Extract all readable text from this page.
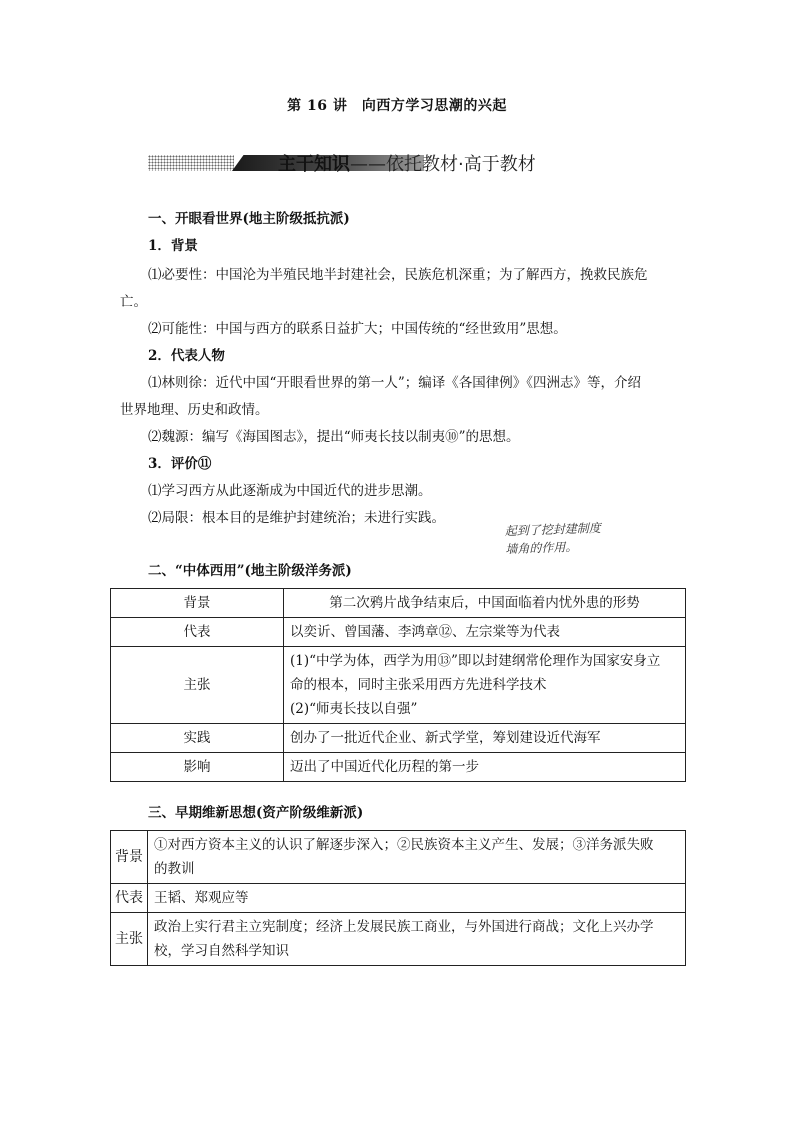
第 16 讲　向西方学习思潮的兴起
主干知识——依托教材·高于教材
一、开眼看世界(地主阶级抵抗派)
1．背景
⑴必要性：中国沦为半殖民地半封建社会，民族危机深重；为了解西方，挽救民族危
亡。
⑵可能性：中国与西方的联系日益扩大；中国传统的“经世致用”思想。
2．代表人物
⑴林则徐：近代中国“开眼看世界的第一人”；编译《各国律例》《四洲志》等，介绍
世界地理、历史和政情。
⑵魏源：编写《海国图志》，提出“师夷长技以制夷⑩”的思想。
3．评价⑪
⑴学习西方从此逐渐成为中国近代的进步思潮。
⑵局限：根本目的是维护封建统治；未进行实践。
起到了挖封建制度
墙角的作用。
二、“中体西用”(地主阶级洋务派)
背景	第二次鸦片战争结束后，中国面临着内忧外患的形势
代表	以奕䜣、曾国藩、李鸿章⑫、左宗棠等为代表
主张	(1)“中学为体，西学为用⑬”即以封建纲常伦理作为国家安身立
命的根本，同时主张采用西方先进科学技术
(2)“师夷长技以自强”

实践	创办了一批近代企业、新式学堂，筹划建设近代海军
影响	迈出了中国近代化历程的第一步
三、早期维新思想(资产阶级维新派)
背景	①对西方资本主义的认识了解逐步深入；②民族资本主义产生、发展；③洋务派失败
的教训

代表	王韬、郑观应等
主张	政治上实行君主立宪制度；经济上发展民族工商业，与外国进行商战；文化上兴办学
校，学习自然科学知识
